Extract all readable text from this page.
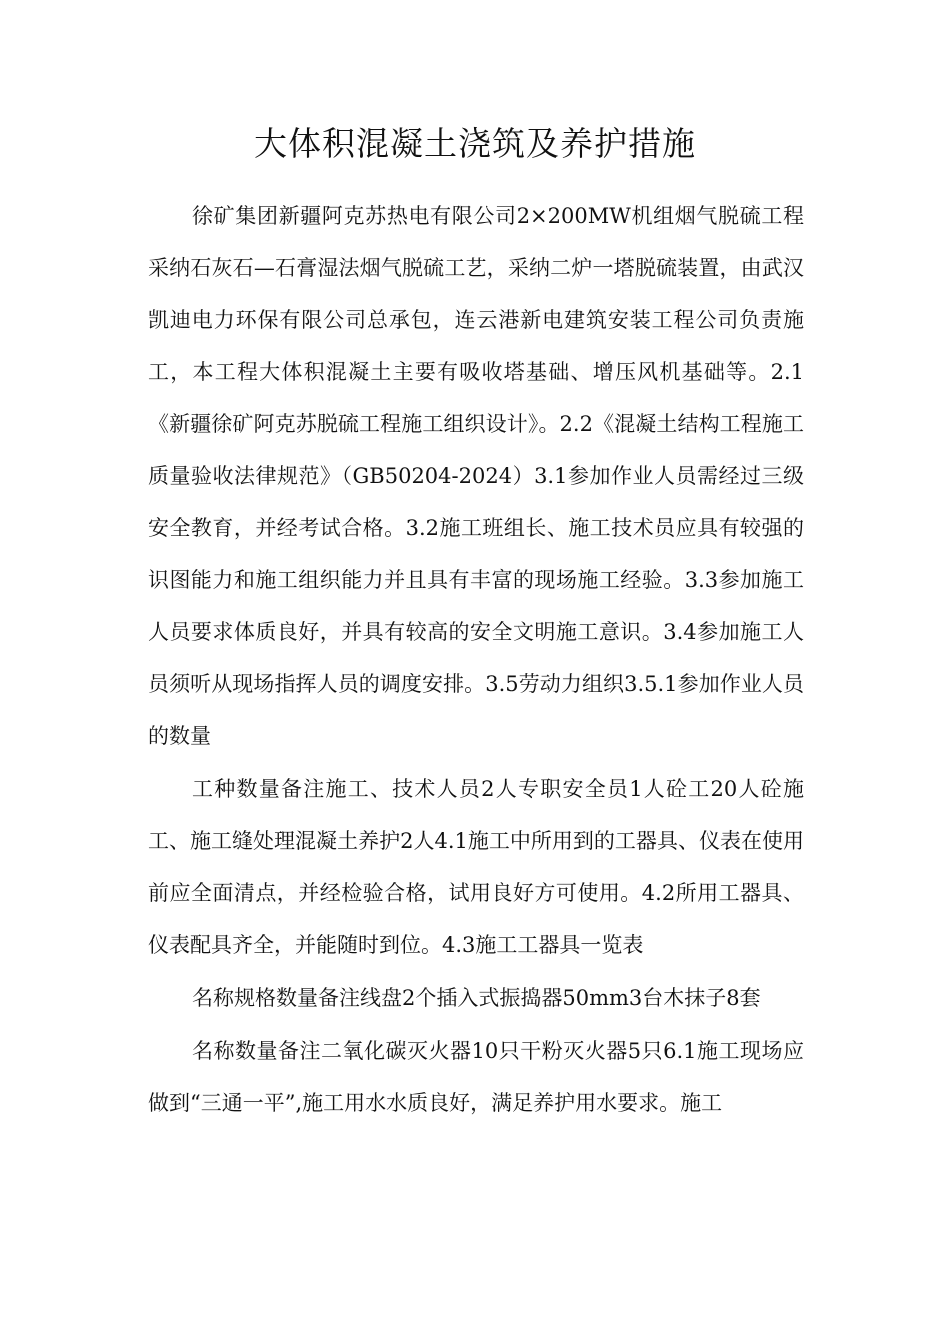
大体积混凝土浇筑及养护措施

徐矿集团新疆阿克苏热电有限公司2×200MW机组烟气脱硫工程采纳石灰石—石膏湿法烟气脱硫工艺，采纳二炉一塔脱硫装置，由武汉凯迪电力环保有限公司总承包，连云港新电建筑安装工程公司负责施工，本工程大体积混凝土主要有吸收塔基础、增压风机基础等。2.1《新疆徐矿阿克苏脱硫工程施工组织设计》。2.2《混凝土结构工程施工质量验收法律规范》（GB50204-2024）3.1参加作业人员需经过三级安全教育，并经考试合格。3.2施工班组长、施工技术员应具有较强的识图能力和施工组织能力并且具有丰富的现场施工经验。3.3参加施工人员要求体质良好，并具有较高的安全文明施工意识。3.4参加施工人员须听从现场指挥人员的调度安排。3.5劳动力组织3.5.1参加作业人员的数量

工种数量备注施工、技术人员2人专职安全员1人砼工20人砼施工、施工缝处理混凝土养护2人4.1施工中所用到的工器具、仪表在使用前应全面清点，并经检验合格，试用良好方可使用。4.2所用工器具、仪表配具齐全，并能随时到位。4.3施工工器具一览表

名称规格数量备注线盘2个插入式振捣器50mm3台木抹子8套

名称数量备注二氧化碳灭火器10只干粉灭火器5只6.1施工现场应做到“三通一平”,施工用水水质良好，满足养护用水要求。施工
